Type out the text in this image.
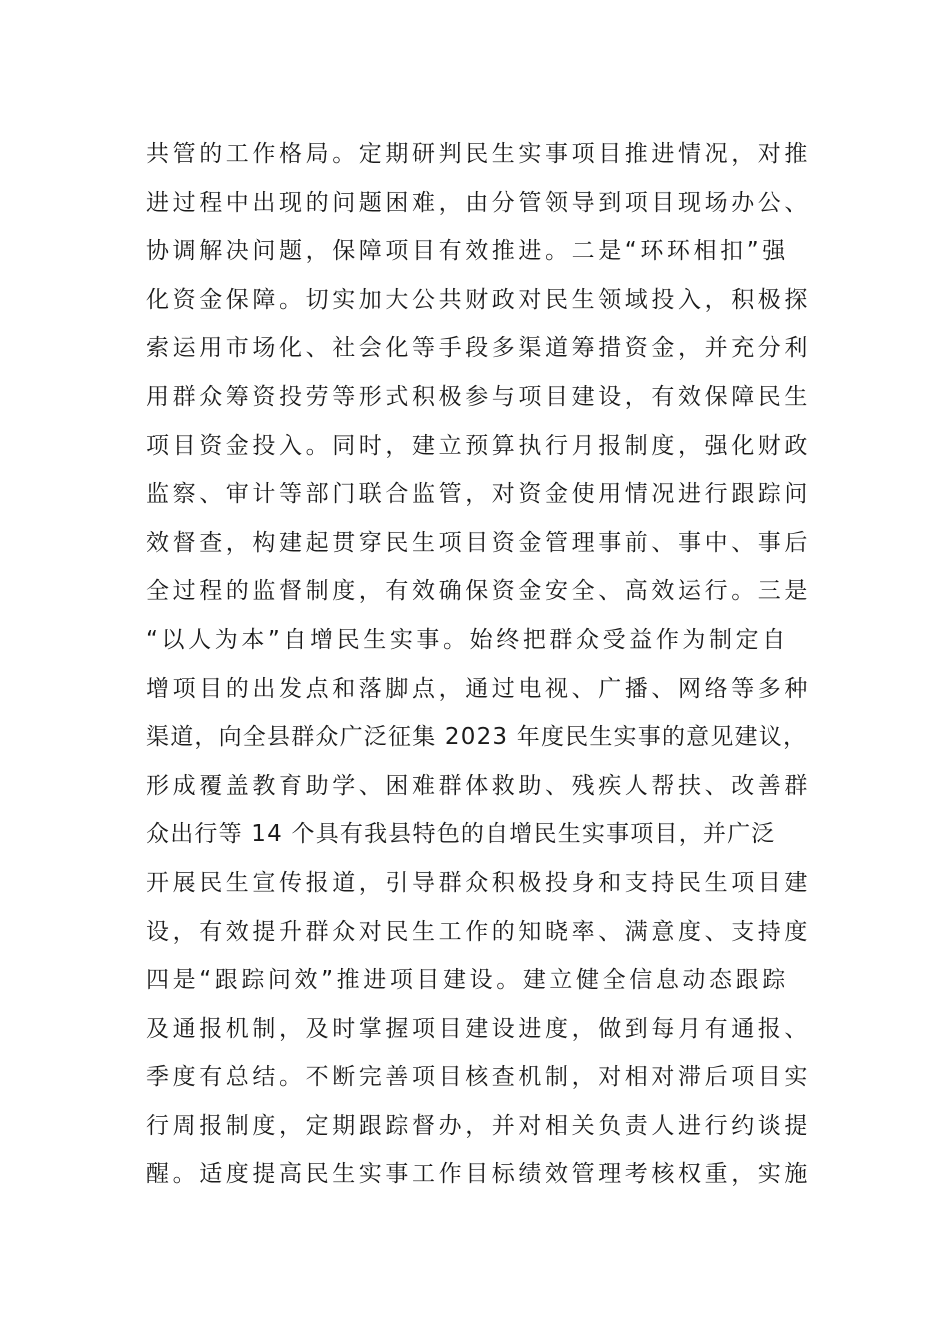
共管的工作格局。定期研判民生实事项目推进情况，对推
进过程中出现的问题困难，由分管领导到项目现场办公、
协调解决问题，保障项目有效推进。二是“环环相扣”强
化资金保障。切实加大公共财政对民生领域投入，积极探
索运用市场化、社会化等手段多渠道筹措资金，并充分利
用群众筹资投劳等形式积极参与项目建设，有效保障民生
项目资金投入。同时，建立预算执行月报制度，强化财政
监察、审计等部门联合监管，对资金使用情况进行跟踪问
效督查，构建起贯穿民生项目资金管理事前、事中、事后
全过程的监督制度，有效确保资金安全、高效运行。三是
“以人为本”自增民生实事。始终把群众受益作为制定自
增项目的出发点和落脚点，通过电视、广播、网络等多种
渠道，向全县群众广泛征集 2023 年度民生实事的意见建议，
形成覆盖教育助学、困难群体救助、残疾人帮扶、改善群
众出行等 14 个具有我县特色的自增民生实事项目，并广泛
开展民生宣传报道，引导群众积极投身和支持民生项目建
设，有效提升群众对民生工作的知晓率、满意度、支持度
四是“跟踪问效”推进项目建设。建立健全信息动态跟踪
及通报机制，及时掌握项目建设进度，做到每月有通报、
季度有总结。不断完善项目核查机制，对相对滞后项目实
行周报制度，定期跟踪督办，并对相关负责人进行约谈提
醒。适度提高民生实事工作目标绩效管理考核权重，实施
